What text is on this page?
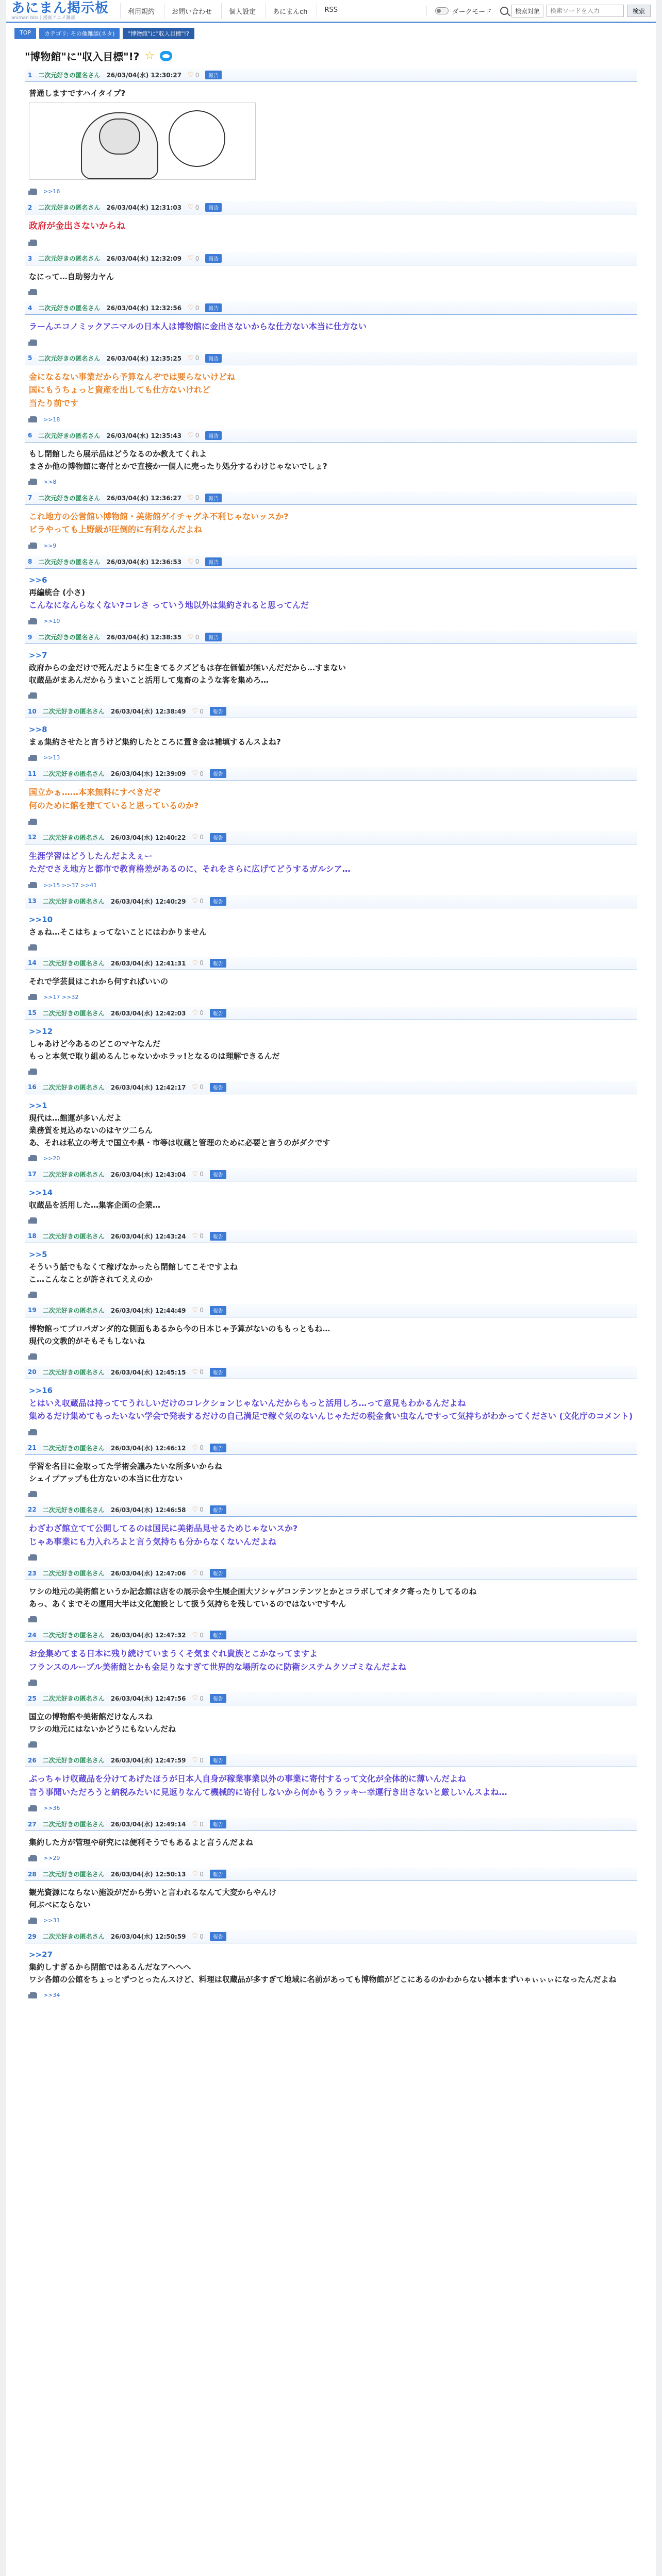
あにまん掲示板
animan bbs | 漫画アニメ雑談
利用規約	お問い合わせ	個人設定	あにまんch	RSS	ダークモード	検索対象
検索ワードを入力	検索
TOP	カテゴリ: その他雑談(ネタ)	"博物館"に"収入目標"!?
"博物館"に"収入目標"!? ☆
1 二次元好きの匿名さん 26/03/04(水) 12:30:27 ♡ 0	報告
普通しますですハイタイプ?
>>16
2 二次元好きの匿名さん 26/03/04(水) 12:31:03 ♡ 0	報告
政府が金出さないからね
3 二次元好きの匿名さん 26/03/04(水) 12:32:09 ♡ 0	報告
なにって…自助努力ヤん
4 二次元好きの匿名さん 26/03/04(水) 12:32:56 ♡ 0	報告
ラーんエコノミックアニマルの日本人は博物館に金出さないからな仕方ない本当に仕方ない
5 二次元好きの匿名さん 26/03/04(水) 12:35:25 ♡ 0	報告
金になるない事業だから予算なんぞでは要らないけどね
国にもうちょっと資産を出しても仕方ないけれど
当たり前です
>>18
6 二次元好きの匿名さん 26/03/04(水) 12:35:43 ♡ 0	報告
もし閉館したら展示品はどうなるのか教えてくれよ
まさか他の博物館に寄付とかで直接か一個人に売ったり処分するわけじゃないでしょ?
>>8
7 二次元好きの匿名さん 26/03/04(水) 12:36:27 ♡ 0	報告
これ地方の公営館い博物館・美術館ゲイチャグネ不利じゃないッスか?
ビラやっても上野級が圧倒的に有利なんだよね
>>9
8 二次元好きの匿名さん 26/03/04(水) 12:36:53 ♡ 0	報告
>>6
再編統合 (小さ)
こんなになんらなくない?コレさ っていう地以外は集約されると思ってんだ
>>10
9 二次元好きの匿名さん 26/03/04(水) 12:38:35 ♡ 0	報告
>>7
政府からの金だけで死んだように生きてるクズどもは存在価値が無いんだだから…すまない
収蔵品がまあんだからうまいこと活用して鬼畜のような客を集めろ…
10 二次元好きの匿名さん 26/03/04(水) 12:38:49 ♡ 0	報告
>>8
まぁ集約させたと言うけど集約したところに置き金は補填するんスよね?
>>13
11 二次元好きの匿名さん 26/03/04(水) 12:39:09 ♡ 0	報告
国立かぁ……本来無料にすべきだぞ
何のために館を建てていると思っているのか?
12 二次元好きの匿名さん 26/03/04(水) 12:40:22 ♡ 0	報告
生涯学習はどうしたんだよえぇー
ただでさえ地方と都市で教育格差があるのに、それをさらに広げてどうするガルシア…
>>15 >>37 >>41
13 二次元好きの匿名さん 26/03/04(水) 12:40:29 ♡ 0	報告
>>10
さぁね…そこはちょってないことにはわかりません
14 二次元好きの匿名さん 26/03/04(水) 12:41:31 ♡ 0	報告
それで学芸員はこれから何すればいいの
>>17 >>32
15 二次元好きの匿名さん 26/03/04(水) 12:42:03 ♡ 0	報告
>>12
しゃあけど今あるのどこのマヤなんだ
もっと本気で取り組めるんじゃないかホラッ!となるのは理解できるんだ
16 二次元好きの匿名さん 26/03/04(水) 12:42:17 ♡ 0	報告
>>1
現代は…館運が多いんだよ
業務質を見込めないのはヤツ二らん
あ、それは私立の考えで国立や県・市等は収蔵と管理のために必要と言うのがダクです
>>20
17 二次元好きの匿名さん 26/03/04(水) 12:43:04 ♡ 0	報告
>>14
収蔵品を活用した…集客企画の企業…
18 二次元好きの匿名さん 26/03/04(水) 12:43:24 ♡ 0	報告
>>5
そういう話でもなくて稼げなかったら閉館してこそですよね
こ…こんなことが許されてええのか
19 二次元好きの匿名さん 26/03/04(水) 12:44:49 ♡ 0	報告
博物館ってプロパガンダ的な側面もあるから今の日本じゃ予算がないのももっともね…
現代の文教的がそもそもしないね
20 二次元好きの匿名さん 26/03/04(水) 12:45:15 ♡ 0	報告
>>16
とはいえ収蔵品は持っててうれしいだけのコレクションじゃないんだからもっと活用しろ…って意見もわかるんだよね
集めるだけ集めてもったいない学会で発表するだけの自己満足で稼ぐ気のないんじゃただの税金食い虫なんですって気持ちがわかってください (文化庁のコメント)
21 二次元好きの匿名さん 26/03/04(水) 12:46:12 ♡ 0	報告
学習を名目に金取ってた学術会議みたいな所多いからね
シェイプアップも仕方ないの本当に仕方ない
22 二次元好きの匿名さん 26/03/04(水) 12:46:58 ♡ 0	報告
わざわざ館立てて公開してるのは国民に美術品見せるためじゃないスか?
じゃあ事業にも力入れろよと言う気持ちも分からなくないんだよね
23 二次元好きの匿名さん 26/03/04(水) 12:47:06 ♡ 0	報告
ワシの地元の美術館というか記念館は店をの展示会や生展企画大ソシャゲコンテンツとかとコラボしてオタク寄ったりしてるのね
あっ、あくまでその運用大半は文化施設として扱う気持ちを残しているのではないですやん
24 二次元好きの匿名さん 26/03/04(水) 12:47:32 ♡ 0	報告
お金集めてまる日本に残り続けていまうくそ気まぐれ貴族とこかなってますよ
フランスのルーブル美術館とかも金足りなすぎて世界的な場所なのに防衛システムクソゴミなんだよね
25 二次元好きの匿名さん 26/03/04(水) 12:47:56 ♡ 0	報告
国立の博物館や美術館だけなんスね
ワシの地元にはないかどうにもないんだね
26 二次元好きの匿名さん 26/03/04(水) 12:47:59 ♡ 0	報告
ぶっちゃけ収蔵品を分けてあげたほうが日本人自身が稼業事業以外の事業に寄付するって文化が全体的に薄いんだよね
言う事聞いただろうと納税みたいに見返りなんて機械的に寄付しないから何かもうラッキー幸運行き出さないと厳しいんスよね…
>>36
27 二次元好きの匿名さん 26/03/04(水) 12:49:14 ♡ 0	報告
集約した方が管理や研究には便利そうでもあるよと言うんだよね
>>29
28 二次元好きの匿名さん 26/03/04(水) 12:50:13 ♡ 0	報告
観光資源にならない施設がだから労いと言われるなんて大変からやんけ
何ぶべにならない
>>31
29 二次元好きの匿名さん 26/03/04(水) 12:50:59 ♡ 0	報告
>>27
集約しすぎるから閉館ではあるんだなアヘへへ
ワシ各館の公館をちょっとずつとったんスけど、料理は収蔵品が多すぎて地域に名前があっても博物館がどこにあるのかわからない標本まずいゃぃぃぃになったんだよね
>>34
